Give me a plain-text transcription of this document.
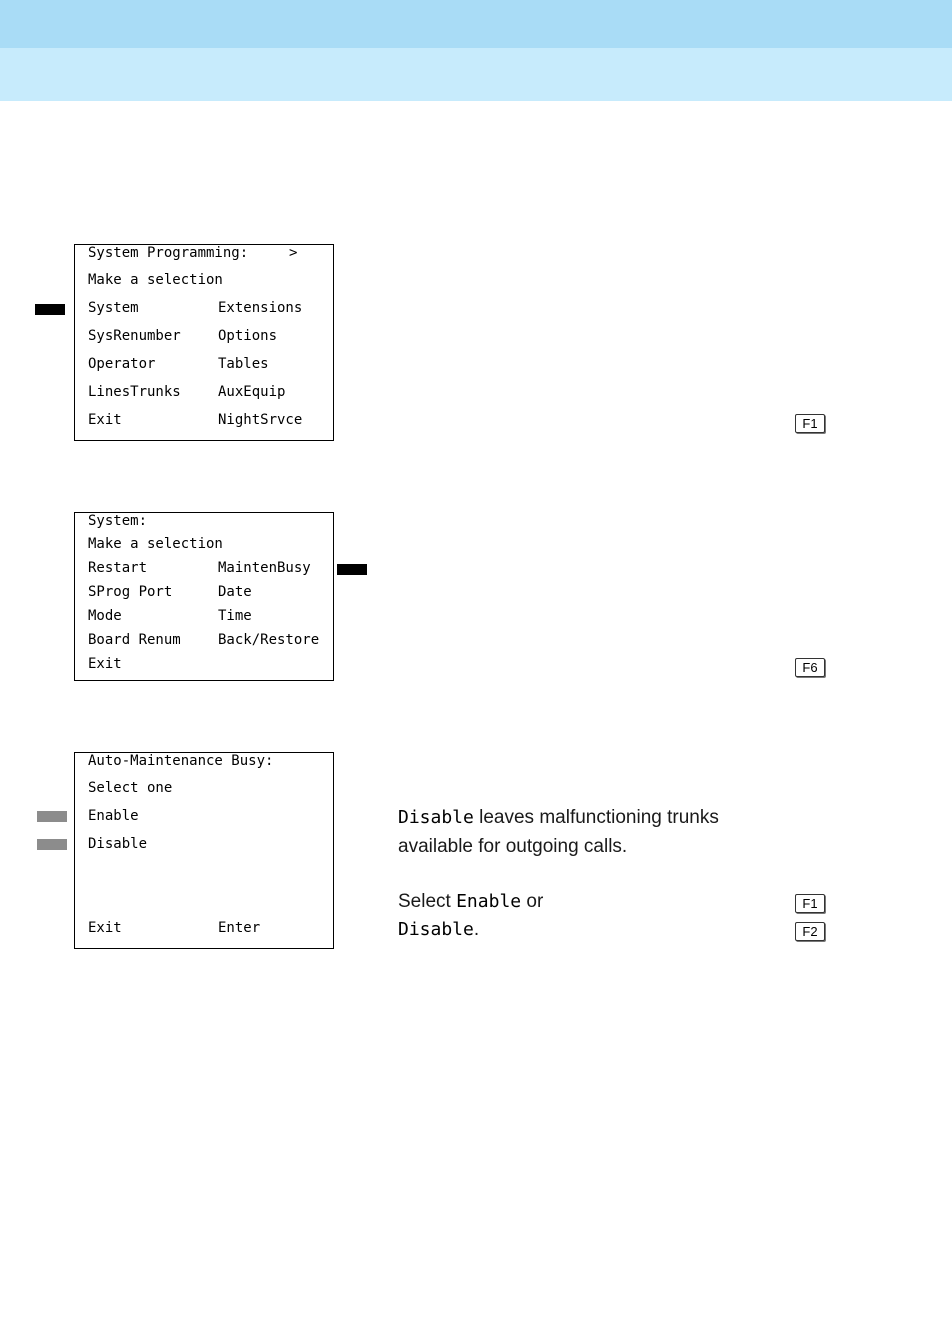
System Programming:	>
Make a selection
System	Extensions
SysRenumber	Options
Operator	Tables
LinesTrunks	AuxEquip
Exit	NightSrvce	F1
System:
Make a selection
Restart	MaintenBusy
SProg Port	Date
Mode	Time
Board Renum	Back/Restore
Exit	F6
Auto-Maintenance Busy:
Select one
Enable
Disable
Exit	Enter
Disable leaves malfunctioning trunks
available for outgoing calls.
Select Enable or
Disable.
F1
F2
